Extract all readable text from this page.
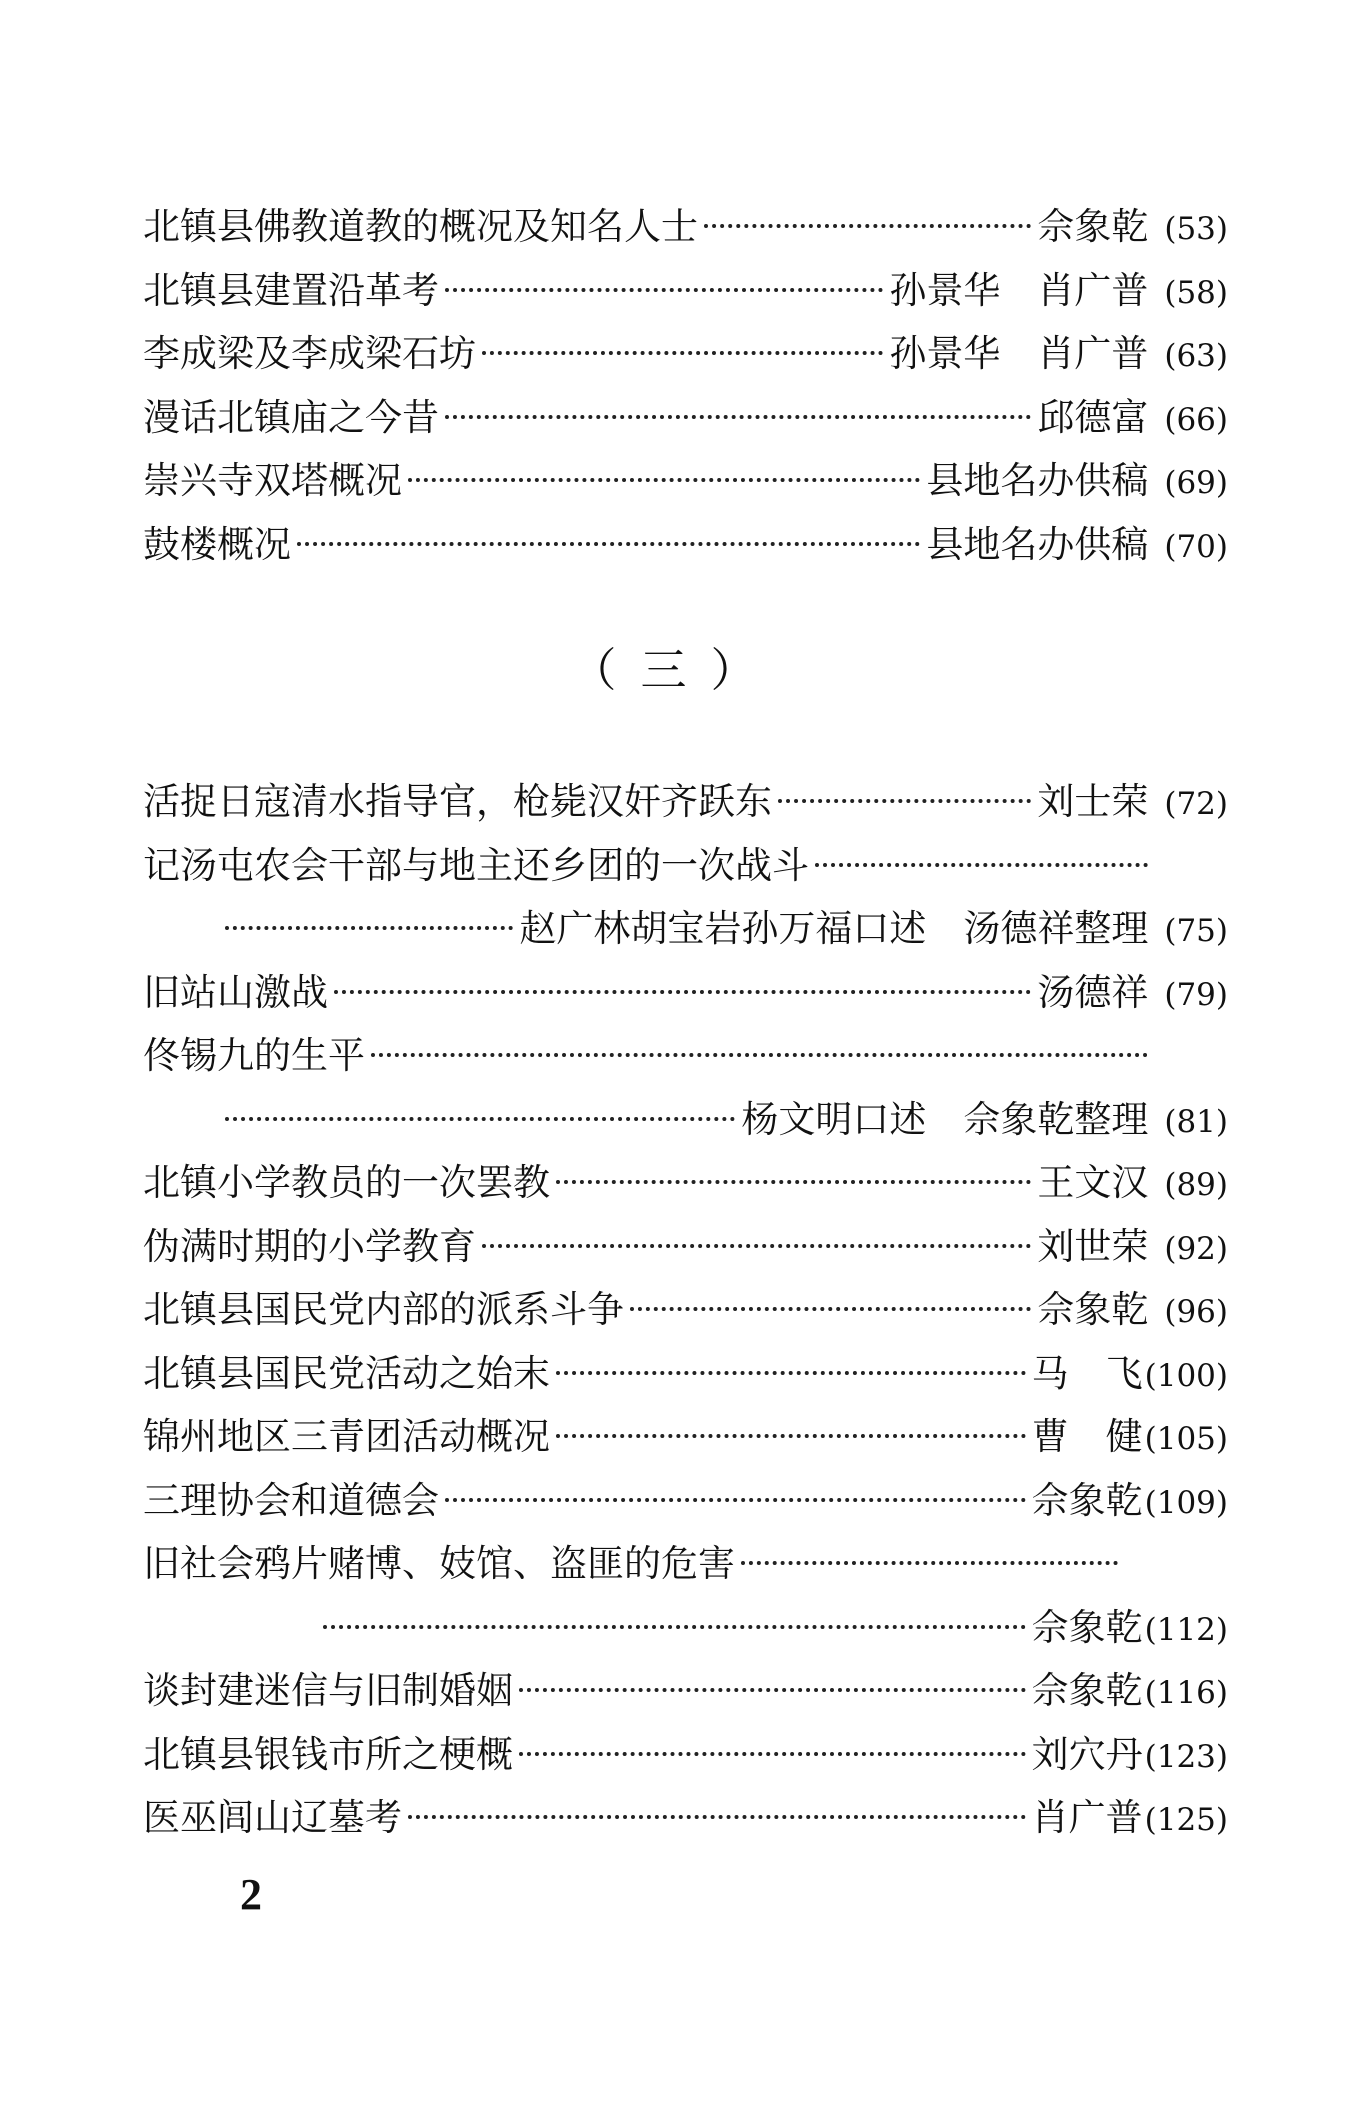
北镇县佛教道教的概况及知名人士	佘象乾 (53)
北镇县建置沿革考	孙景华　肖广普 (58)
李成梁及李成梁石坊	孙景华　肖广普 (63)
漫话北镇庙之今昔	邱德富 (66)
崇兴寺双塔概况	县地名办供稿 (69)
鼓楼概况	县地名办供稿 (70)
（三）
活捉日寇清水指导官，枪毙汉奸齐跃东	刘士荣 (72)
记汤屯农会干部与地主还乡团的一次战斗
赵广林胡宝岩孙万福口述　汤德祥整理 (75)
旧站山激战	汤德祥 (79)
佟锡九的生平
杨文明口述　佘象乾整理 (81)
北镇小学教员的一次罢教	王文汉 (89)
伪满时期的小学教育	刘世荣 (92)
北镇县国民党内部的派系斗争	佘象乾 (96)
北镇县国民党活动之始末	马　飞 (100)
锦州地区三青团活动概况	曹　健 (105)
三理协会和道德会	佘象乾 (109)
旧社会鸦片赌博、妓馆、盗匪的危害
佘象乾 (112)
谈封建迷信与旧制婚姻	佘象乾 (116)
北镇县银钱市所之梗概	刘穴丹 (123)
医巫闾山辽墓考	肖广普 (125)
2
